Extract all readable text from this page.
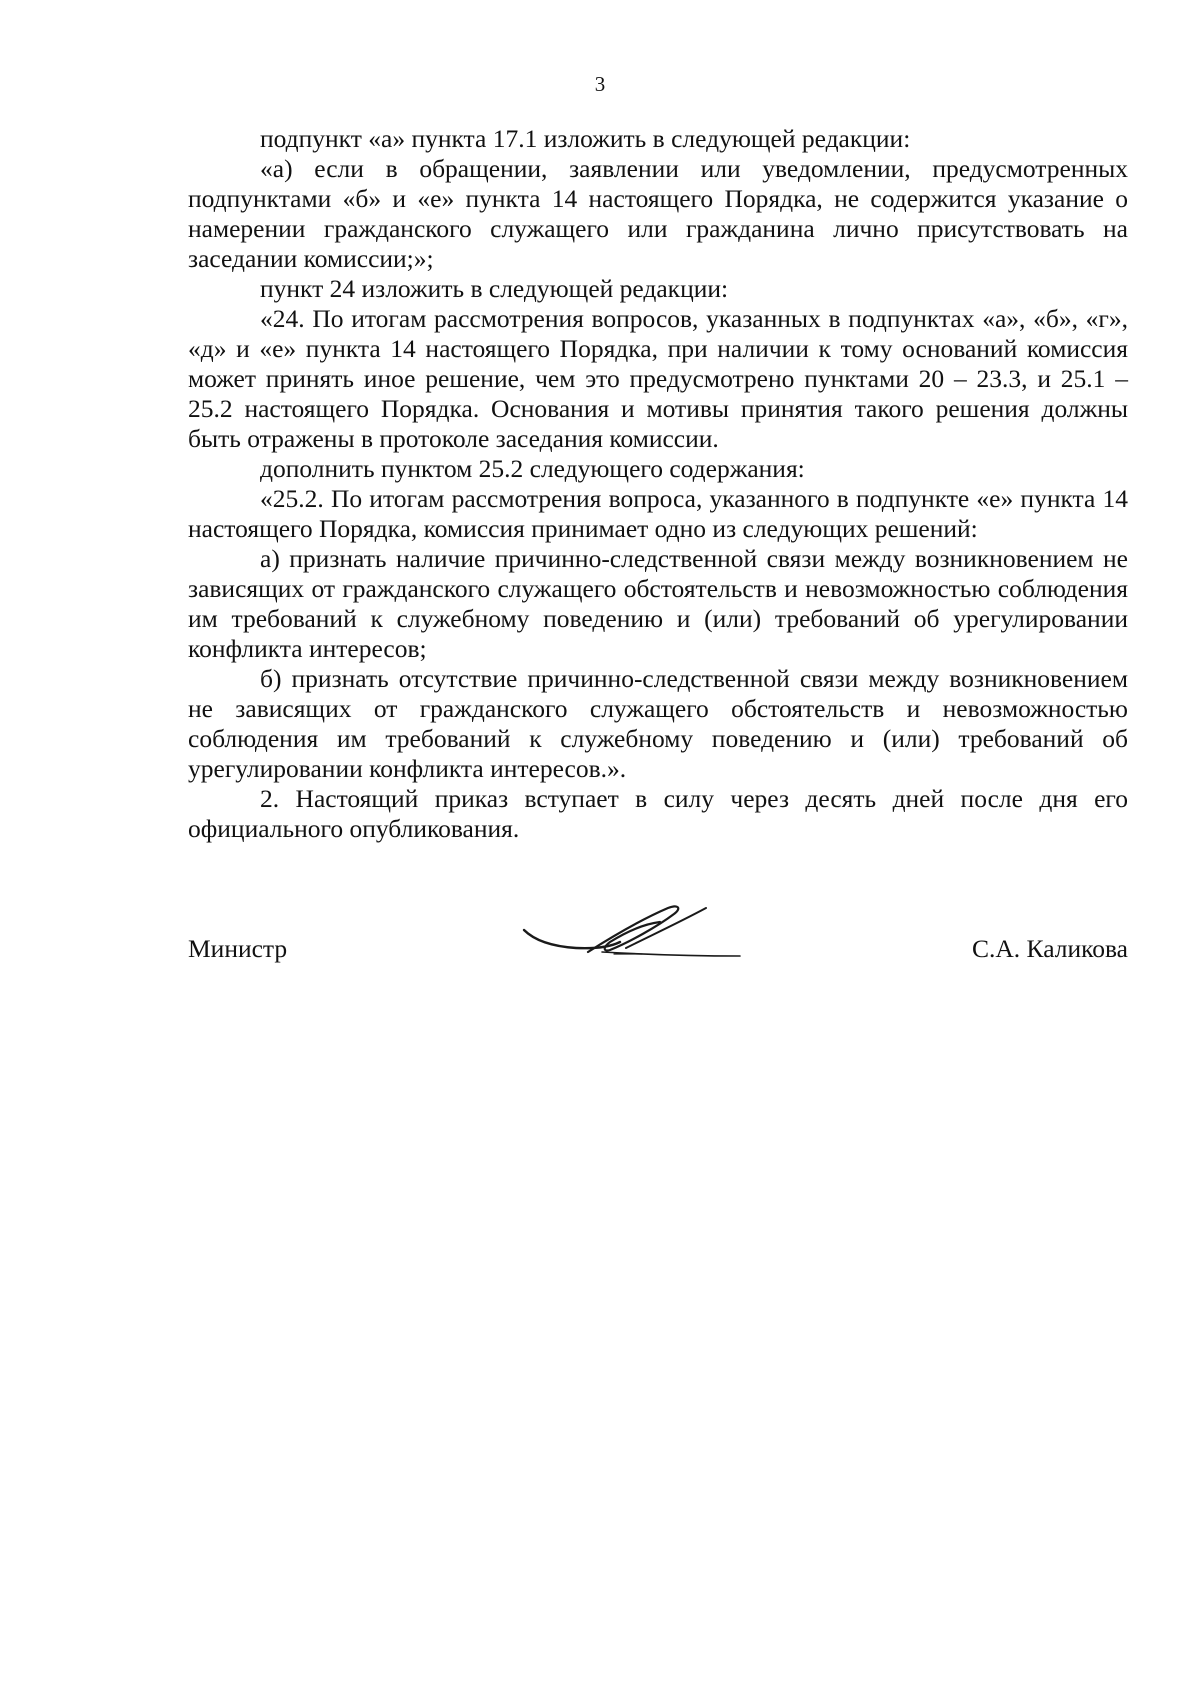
3

подпункт «а» пункта 17.1 изложить в следующей редакции:

«а) если в обращении, заявлении или уведомлении, предусмотренных подпунктами «б» и «е» пункта 14 настоящего Порядка, не содержится указание о намерении гражданского служащего или гражданина лично присутствовать на заседании комиссии;»;

пункт 24 изложить в следующей редакции:

«24. По итогам рассмотрения вопросов, указанных в подпунктах «а», «б», «г», «д» и «е» пункта 14 настоящего Порядка, при наличии к тому оснований комиссия может принять иное решение, чем это предусмотрено пунктами 20 – 23.3, и 25.1 – 25.2 настоящего Порядка. Основания и мотивы принятия такого решения должны быть отражены в протоколе заседания комиссии.

дополнить пунктом 25.2 следующего содержания:

«25.2. По итогам рассмотрения вопроса, указанного в подпункте «е» пункта 14 настоящего Порядка, комиссия принимает одно из следующих решений:

а) признать наличие причинно-следственной связи между возникновением не зависящих от гражданского служащего обстоятельств и невозможностью соблюдения им требований к служебному поведению и (или) требований об урегулировании конфликта интересов;

б) признать отсутствие причинно-следственной связи между возникновением не зависящих от гражданского служащего обстоятельств и невозможностью соблюдения им требований к служебному поведению и (или) требований об урегулировании конфликта интересов.».

2. Настоящий приказ вступает в силу через десять дней после дня его официального опубликования.

Министр	С.А. Каликова
